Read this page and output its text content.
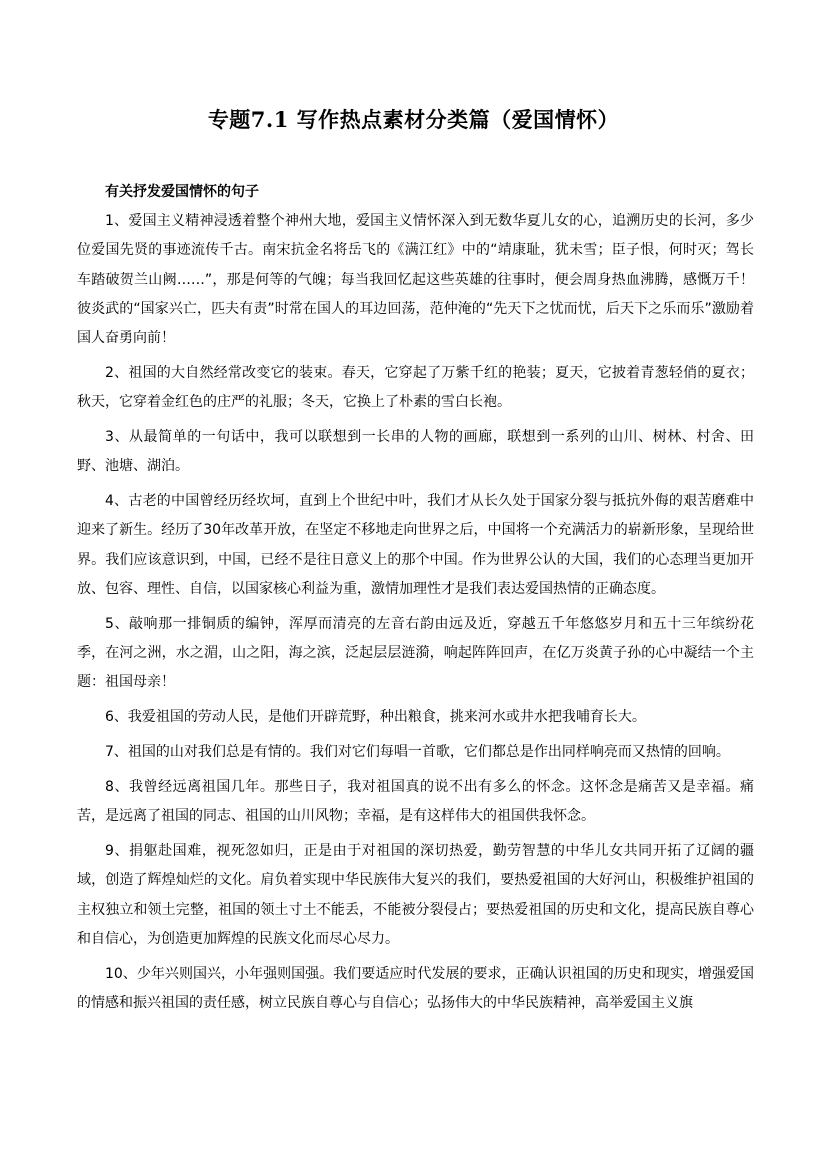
专题7.1 写作热点素材分类篇（爱国情怀）
有关抒发爱国情怀的句子

1、爱国主义精神浸透着整个神州大地，爱国主义情怀深入到无数华夏儿女的心，追溯历史的长河，多少位爱国先贤的事迹流传千古。南宋抗金名将岳飞的《满江红》中的“靖康耻，犹未雪；臣子恨，何时灭；驾长车踏破贺兰山阙……”，那是何等的气魄；每当我回忆起这些英雄的往事时，便会周身热血沸腾，感慨万千！彼炎武的“国家兴亡，匹夫有责”时常在国人的耳边回荡，范仲淹的“先天下之忧而忧，后天下之乐而乐”激励着国人奋勇向前！

2、祖国的大自然经常改变它的装束。春天，它穿起了万紫千红的艳装；夏天，它披着青葱轻俏的夏衣；秋天，它穿着金红色的庄严的礼服；冬天，它换上了朴素的雪白长袍。

3、从最简单的一句话中，我可以联想到一长串的人物的画廊，联想到一系列的山川、树林、村舍、田野、池塘、湖泊。

4、古老的中国曾经历经坎坷，直到上个世纪中叶，我们才从长久处于国家分裂与抵抗外侮的艰苦磨难中迎来了新生。经历了30年改革开放，在坚定不移地走向世界之后，中国将一个充满活力的崭新形象，呈现给世界。我们应该意识到，中国，已经不是往日意义上的那个中国。作为世界公认的大国，我们的心态理当更加开放、包容、理性、自信，以国家核心利益为重，激情加理性才是我们表达爱国热情的正确态度。

5、敲响那一排铜质的编钟，浑厚而清亮的左音右韵由远及近，穿越五千年悠悠岁月和五十三年缤纷花季，在河之洲，水之湄，山之阳，海之滨，泛起层层涟漪，响起阵阵回声，在亿万炎黄子孙的心中凝结一个主题：祖国母亲！

6、我爱祖国的劳动人民，是他们开辟荒野，种出粮食，挑来河水或井水把我哺育长大。

7、祖国的山对我们总是有情的。我们对它们每唱一首歌，它们都总是作出同样响亮而又热情的回响。

8、我曾经远离祖国几年。那些日子，我对祖国真的说不出有多么的怀念。这怀念是痛苦又是幸福。痛苦，是远离了祖国的同志、祖国的山川风物；幸福，是有这样伟大的祖国供我怀念。

9、捐躯赴国难，视死忽如归，正是由于对祖国的深切热爱，勤劳智慧的中华儿女共同开拓了辽阔的疆域，创造了辉煌灿烂的文化。肩负着实现中华民族伟大复兴的我们，要热爱祖国的大好河山，积极维护祖国的主权独立和领土完整，祖国的领土寸土不能丢，不能被分裂侵占；要热爱祖国的历史和文化，提高民族自尊心和自信心，为创造更加辉煌的民族文化而尽心尽力。

10、少年兴则国兴，小年强则国强。我们要适应时代发展的要求，正确认识祖国的历史和现实，增强爱国的情感和振兴祖国的责任感，树立民族自尊心与自信心；弘扬伟大的中华民族精神，高举爱国主义旗
